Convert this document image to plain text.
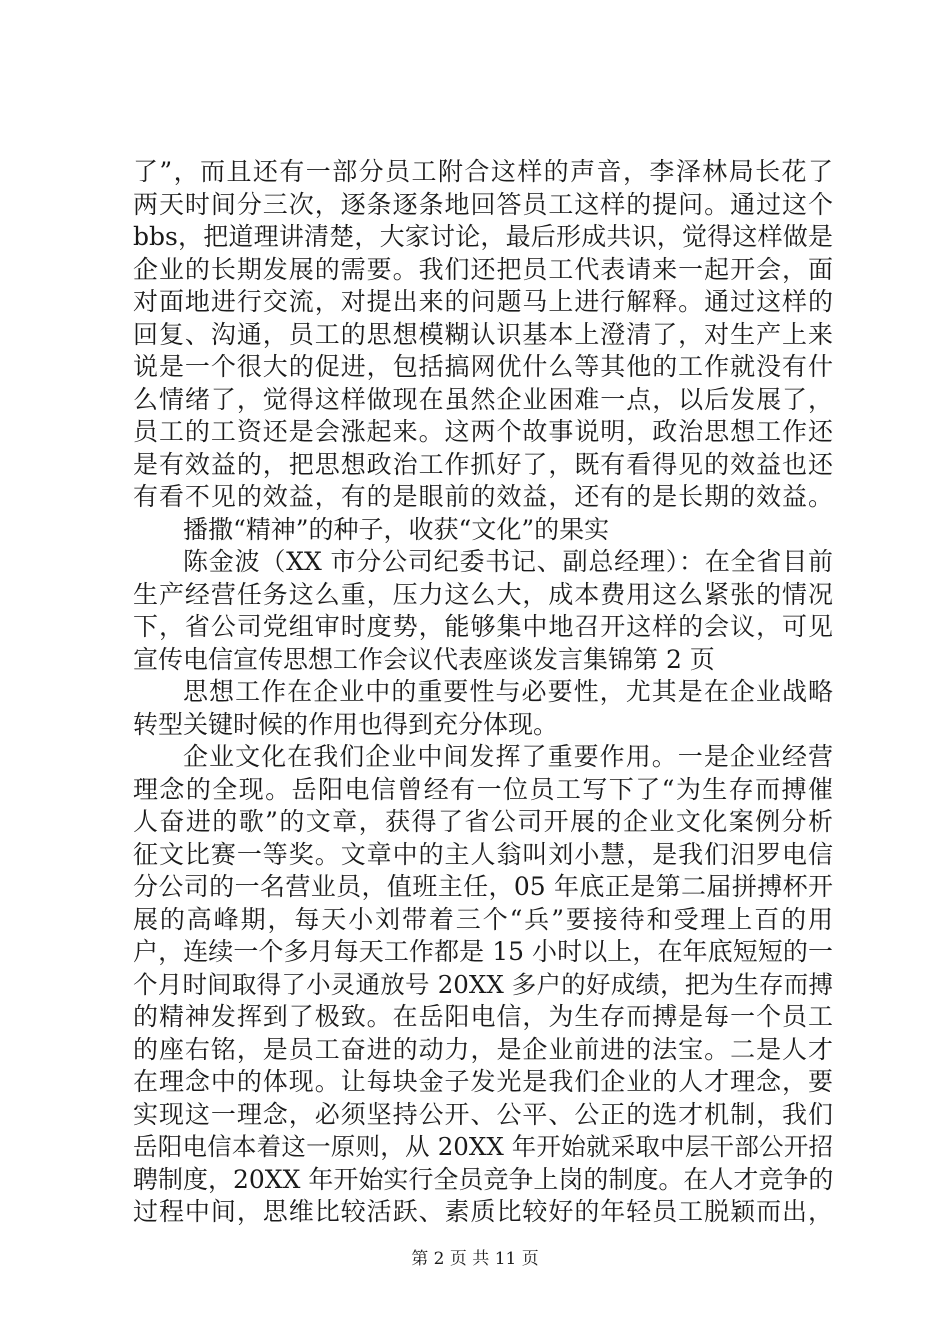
了”，而且还有一部分员工附合这样的声音，李泽林局长花了
两天时间分三次，逐条逐条地回答员工这样的提问。通过这个
bbs，把道理讲清楚，大家讨论，最后形成共识，觉得这样做是
企业的长期发展的需要。我们还把员工代表请来一起开会，面
对面地进行交流，对提出来的问题马上进行解释。通过这样的
回复、沟通，员工的思想模糊认识基本上澄清了，对生产上来
说是一个很大的促进，包括搞网优什么等其他的工作就没有什
么情绪了，觉得这样做现在虽然企业困难一点，以后发展了，
员工的工资还是会涨起来。这两个故事说明，政治思想工作还
是有效益的，把思想政治工作抓好了，既有看得见的效益也还
有看不见的效益，有的是眼前的效益，还有的是长期的效益。
播撒“精神”的种子，收获“文化”的果实
陈金波（XX 市分公司纪委书记、副总经理）：在全省目前
生产经营任务这么重，压力这么大，成本费用这么紧张的情况
下，省公司党组审时度势，能够集中地召开这样的会议，可见
宣传电信宣传思想工作会议代表座谈发言集锦第 2 页
思想工作在企业中的重要性与必要性，尤其是在企业战略
转型关键时候的作用也得到充分体现。
企业文化在我们企业中间发挥了重要作用。一是企业经营
理念的全现。岳阳电信曾经有一位员工写下了“为生存而搏催
人奋进的歌”的文章，获得了省公司开展的企业文化案例分析
征文比赛一等奖。文章中的主人翁叫刘小慧，是我们汨罗电信
分公司的一名营业员，值班主任，05 年底正是第二届拼搏杯开
展的高峰期，每天小刘带着三个“兵”要接待和受理上百的用
户，连续一个多月每天工作都是 15 小时以上，在年底短短的一
个月时间取得了小灵通放号 20XX 多户的好成绩，把为生存而搏
的精神发挥到了极致。在岳阳电信，为生存而搏是每一个员工
的座右铭，是员工奋进的动力，是企业前进的法宝。二是人才
在理念中的体现。让每块金子发光是我们企业的人才理念，要
实现这一理念，必须坚持公开、公平、公正的选才机制，我们
岳阳电信本着这一原则，从 20XX 年开始就采取中层干部公开招
聘制度，20XX 年开始实行全员竞争上岗的制度。在人才竞争的
过程中间，思维比较活跃、素质比较好的年轻员工脱颖而出，
第 2 页 共 11 页
